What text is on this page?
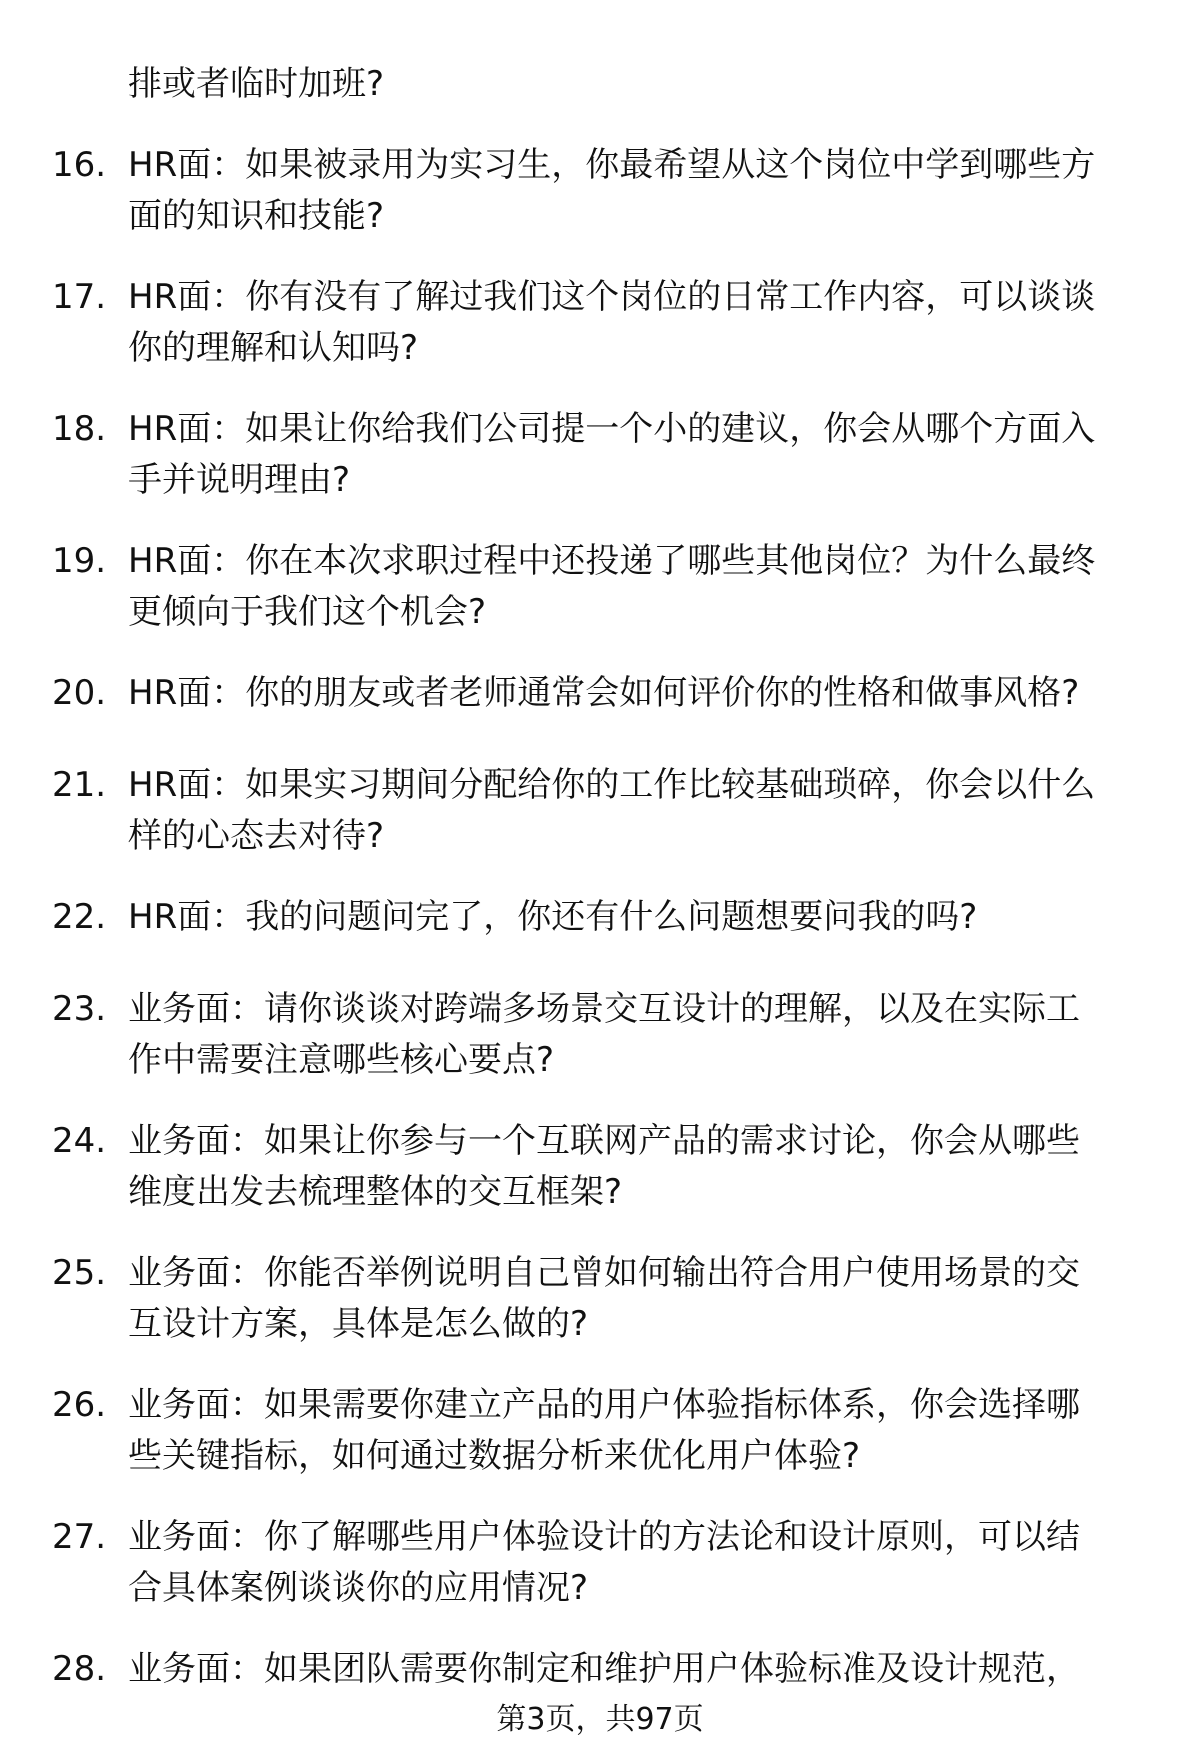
排或者临时加班?
16. HR面：如果被录用为实习生，你最希望从这个岗位中学到哪些方
面的知识和技能?
17. HR面：你有没有了解过我们这个岗位的日常工作内容，可以谈谈
你的理解和认知吗?
18. HR面：如果让你给我们公司提一个小的建议，你会从哪个方面入
手并说明理由?
19. HR面：你在本次求职过程中还投递了哪些其他岗位？为什么最终
更倾向于我们这个机会?
20. HR面：你的朋友或者老师通常会如何评价你的性格和做事风格?
21. HR面：如果实习期间分配给你的工作比较基础琐碎，你会以什么
样的心态去对待?
22. HR面：我的问题问完了，你还有什么问题想要问我的吗?
23. 业务面：请你谈谈对跨端多场景交互设计的理解，以及在实际工
作中需要注意哪些核心要点?
24. 业务面：如果让你参与一个互联网产品的需求讨论，你会从哪些
维度出发去梳理整体的交互框架?
25. 业务面：你能否举例说明自己曾如何输出符合用户使用场景的交
互设计方案，具体是怎么做的?
26. 业务面：如果需要你建立产品的用户体验指标体系，你会选择哪
些关键指标，如何通过数据分析来优化用户体验?
27. 业务面：你了解哪些用户体验设计的方法论和设计原则，可以结
合具体案例谈谈你的应用情况?
28. 业务面：如果团队需要你制定和维护用户体验标准及设计规范，
第3页，共97页
